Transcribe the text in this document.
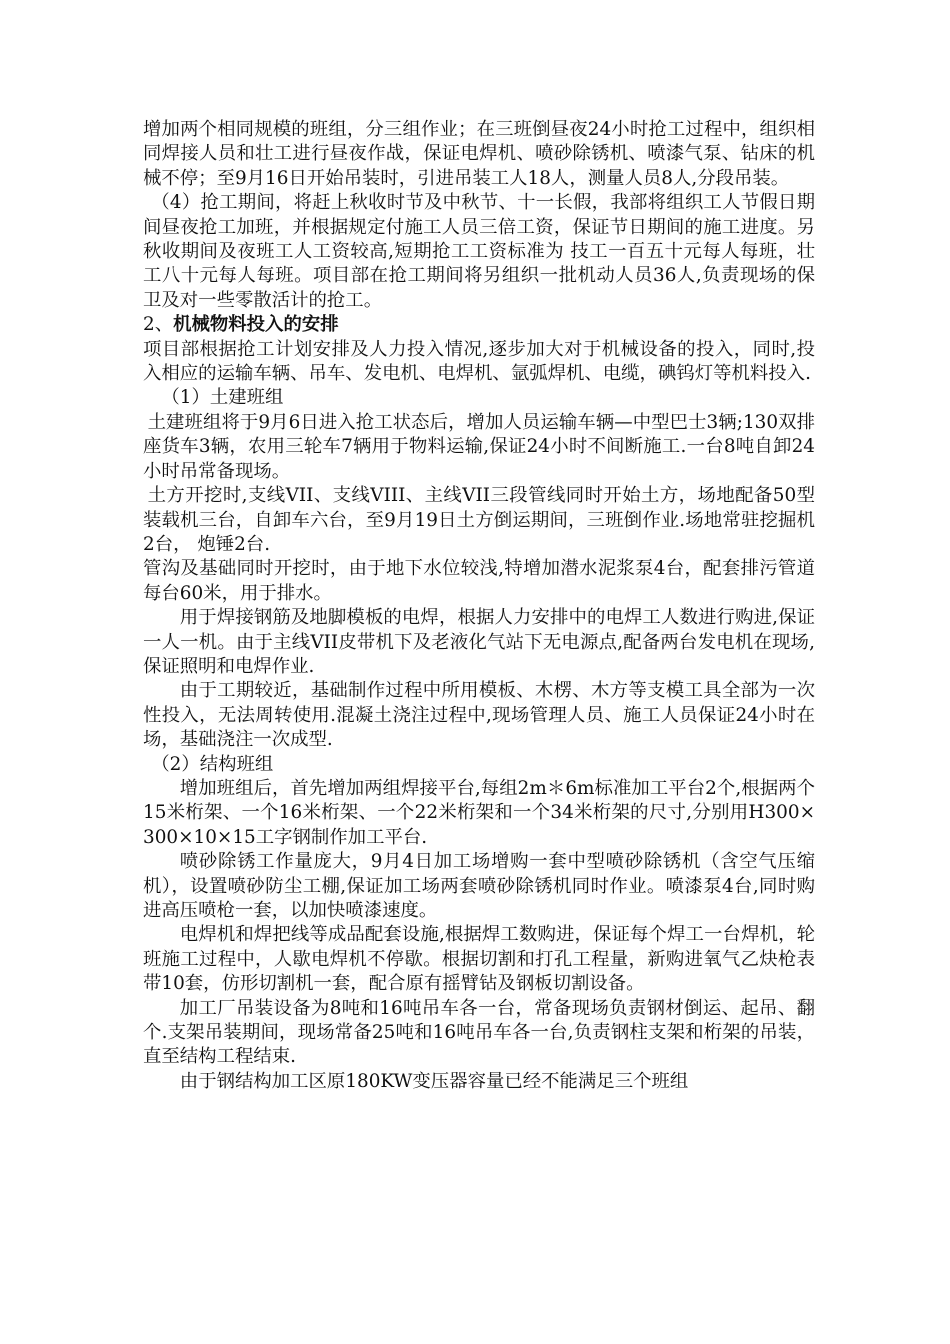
增加两个相同规模的班组，分三组作业；在三班倒昼夜24小时抢工过程中，组织相同焊接人员和壮工进行昼夜作战，保证电焊机、喷砂除锈机、喷漆气泵、钻床的机械不停；至9月16日开始吊装时，引进吊装工人18人，测量人员8人,分段吊装。

（4）抢工期间，将赶上秋收时节及中秋节、十一长假，我部将组织工人节假日期间昼夜抢工加班，并根据规定付施工人员三倍工资，保证节日期间的施工进度。另秋收期间及夜班工人工资较高,短期抢工工资标准为 技工一百五十元每人每班，壮工八十元每人每班。项目部在抢工期间将另组织一批机动人员36人,负责现场的保卫及对一些零散活计的抢工。

2、机械物料投入的安排

项目部根据抢工计划安排及人力投入情况,逐步加大对于机械设备的投入，同时,投入相应的运输车辆、吊车、发电机、电焊机、氩弧焊机、电缆，碘钨灯等机料投入.

（1）土建班组

土建班组将于9月6日进入抢工状态后，增加人员运输车辆—中型巴士3辆;130双排座货车3辆，农用三轮车7辆用于物料运输,保证24小时不间断施工.一台8吨自卸24小时吊常备现场。

土方开挖时,支线VII、支线VIII、主线VII三段管线同时开始土方，场地配备50型装载机三台，自卸车六台，至9月19日土方倒运期间，三班倒作业.场地常驻挖掘机2台， 炮锤2台.

管沟及基础同时开挖时，由于地下水位较浅,特增加潜水泥浆泵4台，配套排污管道每台60米，用于排水。

用于焊接钢筋及地脚模板的电焊，根据人力安排中的电焊工人数进行购进,保证一人一机。由于主线VII皮带机下及老液化气站下无电源点,配备两台发电机在现场,保证照明和电焊作业.

由于工期较近，基础制作过程中所用模板、木楞、木方等支模工具全部为一次性投入，无法周转使用.混凝土浇注过程中,现场管理人员、施工人员保证24小时在场，基础浇注一次成型.

（2）结构班组

增加班组后，首先增加两组焊接平台,每组2m＊6m标准加工平台2个,根据两个15米桁架、一个16米桁架、一个22米桁架和一个34米桁架的尺寸,分别用H300×300×10×15工字钢制作加工平台.

喷砂除锈工作量庞大，9月4日加工场增购一套中型喷砂除锈机（含空气压缩机），设置喷砂防尘工棚,保证加工场两套喷砂除锈机同时作业。喷漆泵4台,同时购进高压喷枪一套，以加快喷漆速度。

电焊机和焊把线等成品配套设施,根据焊工数购进，保证每个焊工一台焊机，轮班施工过程中，人歇电焊机不停歇。根据切割和打孔工程量，新购进氧气乙炔枪表带10套，仿形切割机一套，配合原有摇臂钻及钢板切割设备。

加工厂吊装设备为8吨和16吨吊车各一台，常备现场负责钢材倒运、起吊、翻个.支架吊装期间，现场常备25吨和16吨吊车各一台,负责钢柱支架和桁架的吊装，直至结构工程结束.

由于钢结构加工区原180KW变压器容量已经不能满足三个班组
